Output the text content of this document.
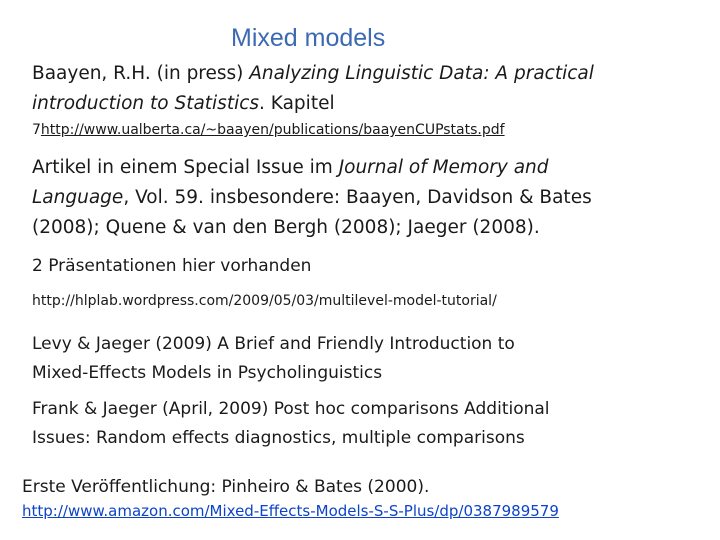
Mixed models
Baayen, R.H. (in press) Analyzing Linguistic Data: A practical
introduction to Statistics. Kapitel
7http://www.ualberta.ca/~baayen/publications/baayenCUPstats.pdf
Artikel in einem Special Issue im Journal of Memory and
Language, Vol. 59. insbesondere: Baayen, Davidson & Bates
(2008); Quene & van den Bergh (2008); Jaeger (2008).
2 Präsentationen hier vorhanden
http://hlplab.wordpress.com/2009/05/03/multilevel-model-tutorial/
Levy & Jaeger (2009) A Brief and Friendly Introduction to
Mixed-Effects Models in Psycholinguistics
Frank & Jaeger (April, 2009) Post hoc comparisons Additional
Issues: Random effects diagnostics, multiple comparisons
Erste Veröffentlichung: Pinheiro & Bates (2000).
http://www.amazon.com/Mixed-Effects-Models-S-S-Plus/dp/0387989579
